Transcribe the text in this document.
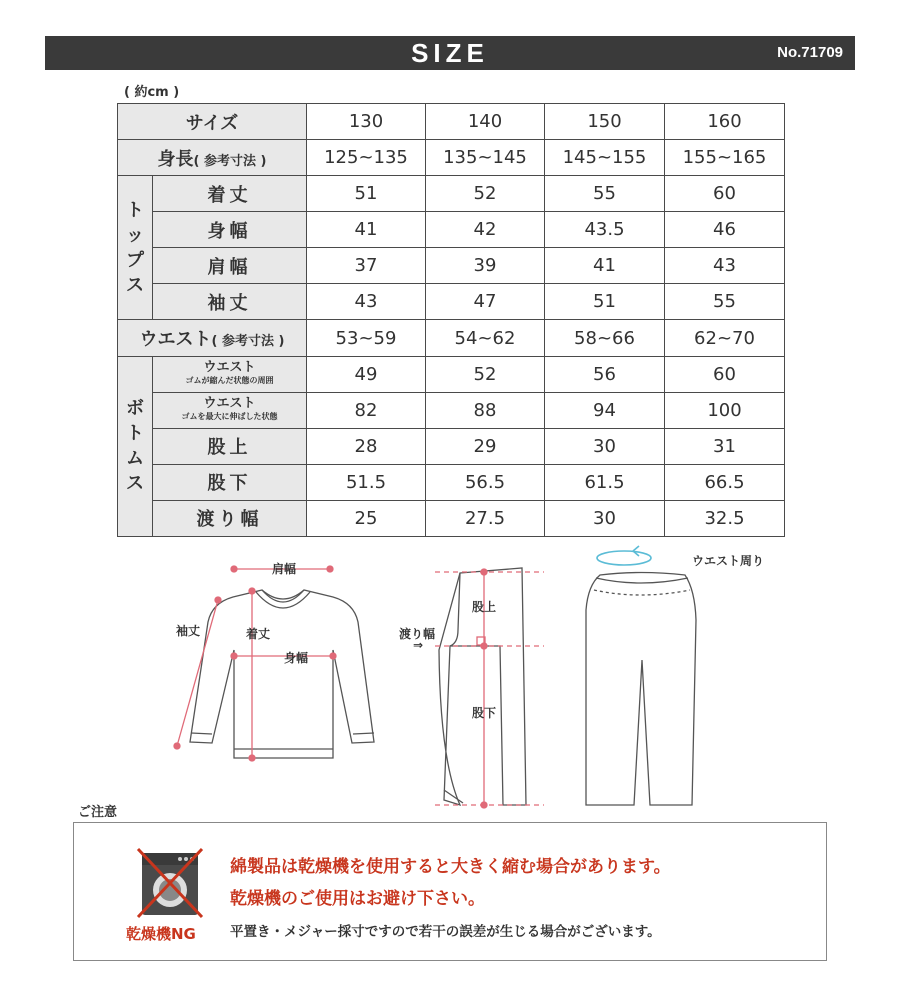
SIZE	No.71709
( 約cm )
サイズ		130	140	150	160
身長( 参考寸法 )		125~135	135~145	145~155	155~165
ト
ッ
プ
ス	着丈	51	52	55	60
	身幅	41	42	43.5	46
	肩幅	37	39	41	43
	袖丈	43	47	51	55
ウエスト( 参考寸法 )		53~59	54~62	58~66	62~70
ボ
ト
ム
ス	ウエスト
ゴムが縮んだ状態の周囲	49	52	56	60

	ウエスト
ゴムを最大に伸ばした状態	82	88	94	100
	股上	28	29	30	31
	股下	51.5	56.5	61.5	66.5
	渡り幅	25	27.5	30	32.5
肩幅
袖丈	着丈
身幅
股上
渡り幅
⇒
股下
ウエスト周り
ご注意
乾燥機NG
綿製品は乾燥機を使用すると大きく縮む場合があります。
乾燥機のご使用はお避け下さい。
平置き・メジャー採寸ですので若干の誤差が生じる場合がございます。
